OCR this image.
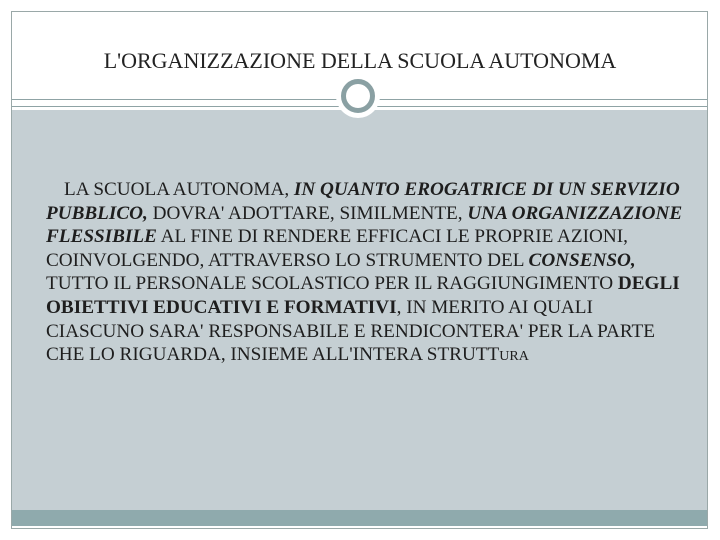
L'ORGANIZZAZIONE DELLA SCUOLA AUTONOMA

LA SCUOLA AUTONOMA, IN QUANTO EROGATRICE DI UN SERVIZIO PUBBLICO, DOVRA' ADOTTARE, SIMILMENTE, UNA ORGANIZZAZIONE FLESSIBILE AL FINE DI RENDERE EFFICACI LE PROPRIE AZIONI, COINVOLGENDO, ATTRAVERSO LO STRUMENTO DEL CONSENSO, TUTTO IL PERSONALE SCOLASTICO PER IL RAGGIUNGIMENTO DEGLI OBIETTIVI EDUCATIVI E FORMATIVI, IN MERITO AI QUALI CIASCUNO SARA' RESPONSABILE E RENDICONTERA' PER LA PARTE CHE LO RIGUARDA, INSIEME ALL'INTERA STRUTTURA
